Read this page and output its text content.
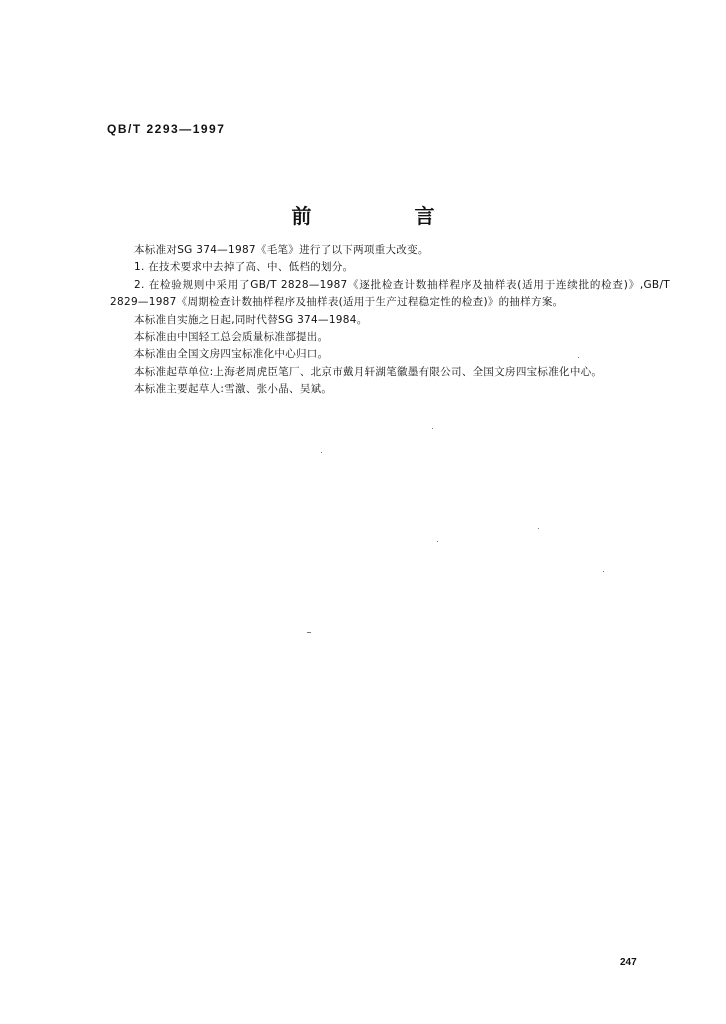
QB/T 2293—1997
前 言

本标准对SG 374—1987《毛笔》进行了以下两项重大改变。

1. 在技术要求中去掉了高、中、低档的划分。

2. 在检验规则中采用了GB/T 2828—1987《逐批检查计数抽样程序及抽样表(适用于连续批的检查)》,GB/T 2829—1987《周期检查计数抽样程序及抽样表(适用于生产过程稳定性的检查)》的抽样方案。

本标准自实施之日起,同时代替SG 374—1984。

本标准由中国轻工总会质量标准部提出。

本标准由全国文房四宝标准化中心归口。

本标准起草单位:上海老周虎臣笔厂、北京市戴月轩湖笔徽墨有限公司、全国文房四宝标准化中心。

本标准主要起草人:雪激、张小晶、吴斌。

247
